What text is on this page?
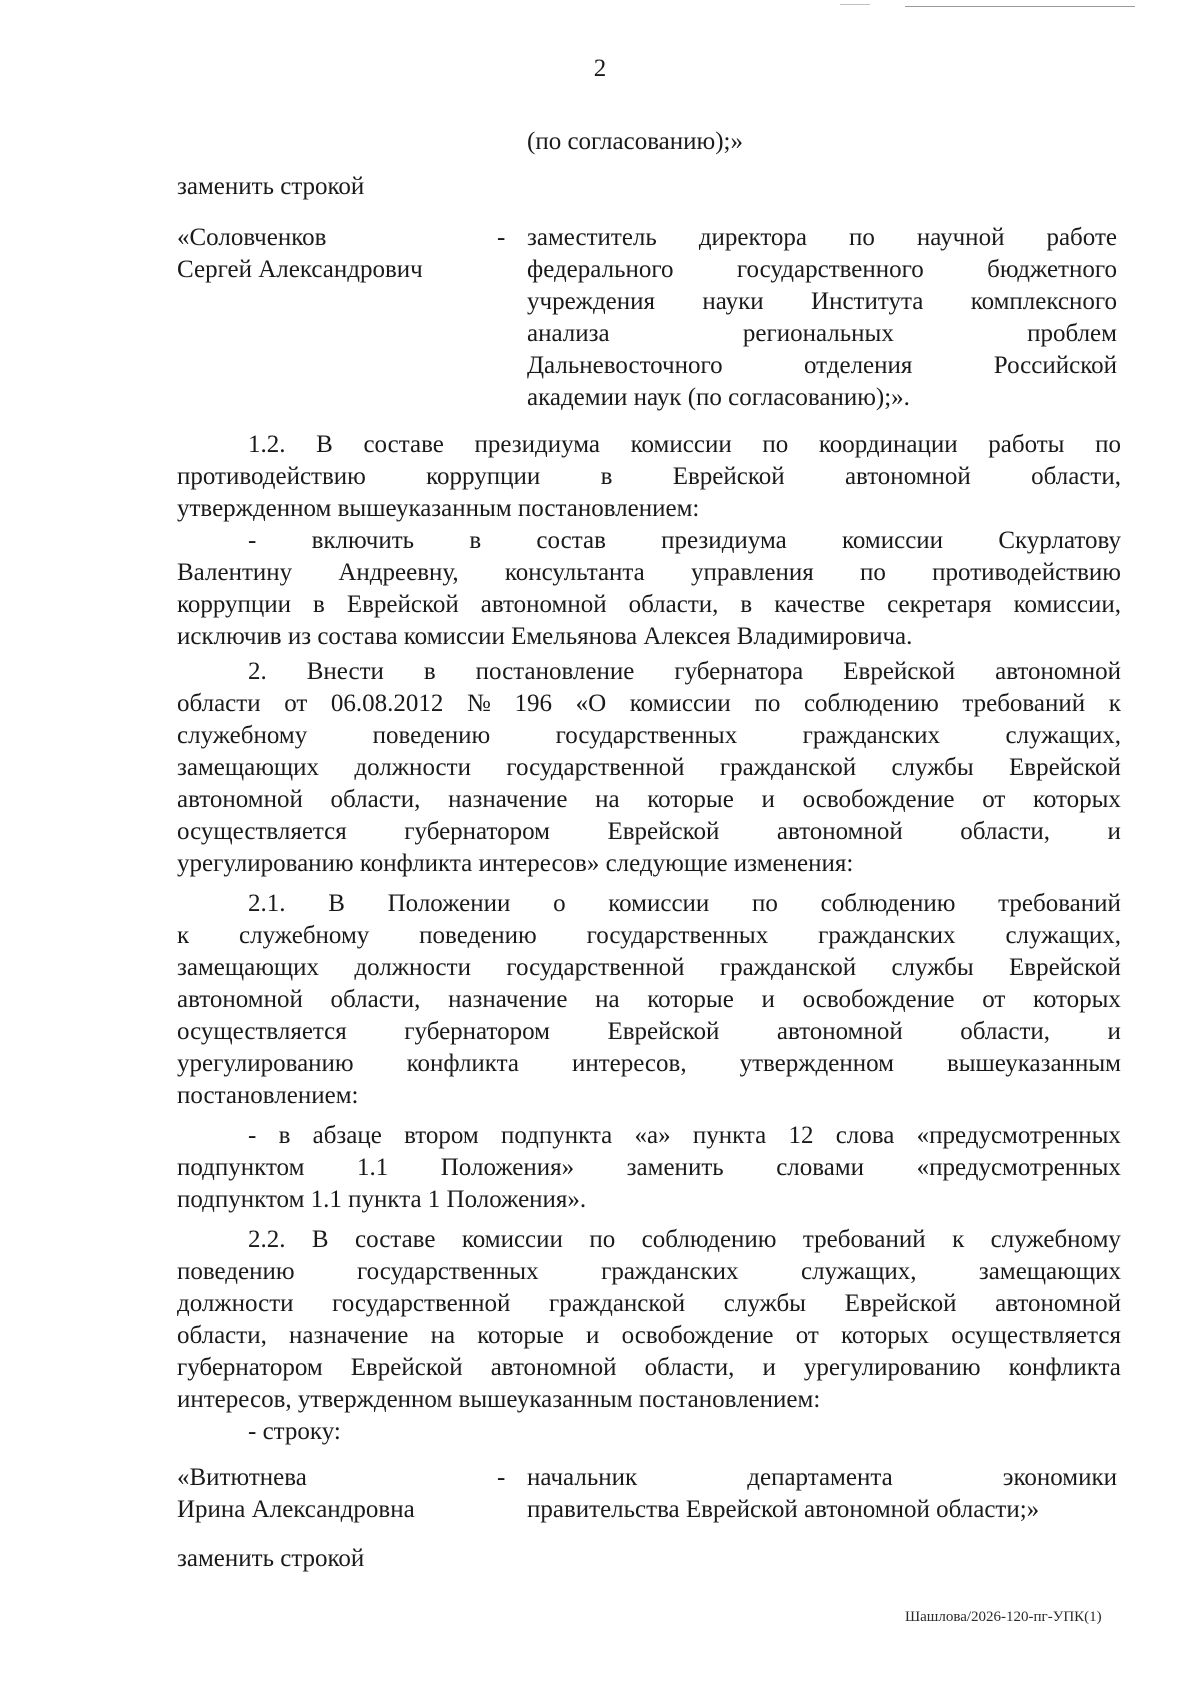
2
(по согласованию);»
заменить строкой
«Соловченков
Сергей Александрович
- заместитель директора по научной работе
федерального	государственного	бюджетного
учреждения науки Института комплексного
анализа	региональных	проблем
Дальневосточного	отделения	Российской
академии наук (по согласованию);».
1.2. В составе президиума комиссии по координации работы по
противодействию коррупции в Еврейской автономной области,
утвержденном вышеуказанным постановлением:
- включить в состав президиума комиссии Скурлатову
Валентину Андреевну, консультанта управления по противодействию
коррупции в Еврейской автономной области, в качестве секретаря комиссии,
исключив из состава комиссии Емельянова Алексея Владимировича.
2. Внести в постановление губернатора Еврейской автономной
области от 06.08.2012 № 196 «О комиссии по соблюдению требований к
служебному	поведению	государственных	гражданских	служащих,
замещающих должности государственной гражданской службы Еврейской
автономной области, назначение на которые и освобождение от которых
осуществляется губернатором Еврейской автономной области, и
урегулированию конфликта интересов» следующие изменения:
2.1. В Положении о комиссии по соблюдению требований
к служебному поведению государственных гражданских служащих,
замещающих должности государственной гражданской службы Еврейской
автономной области, назначение на которые и освобождение от которых
осуществляется губернатором Еврейской автономной области, и
урегулированию конфликта интересов, утвержденном вышеуказанным
постановлением:
- в абзаце втором подпункта «а» пункта 12 слова «предусмотренных
подпунктом 1.1 Положения» заменить словами «предусмотренных
подпунктом 1.1 пункта 1 Положения».
2.2. В составе комиссии по соблюдению требований к служебному
поведению государственных гражданских служащих, замещающих
должности государственной гражданской службы Еврейской автономной
области, назначение на которые и освобождение от которых осуществляется
губернатором Еврейской автономной области, и урегулированию конфликта
интересов, утвержденном вышеуказанным постановлением:
- строку:
«Витютнева
Ирина Александровна
- начальник	департамента	экономики
правительства Еврейской автономной области;»
заменить строкой
Шашлова/2026-120-пг-УПК(1)
